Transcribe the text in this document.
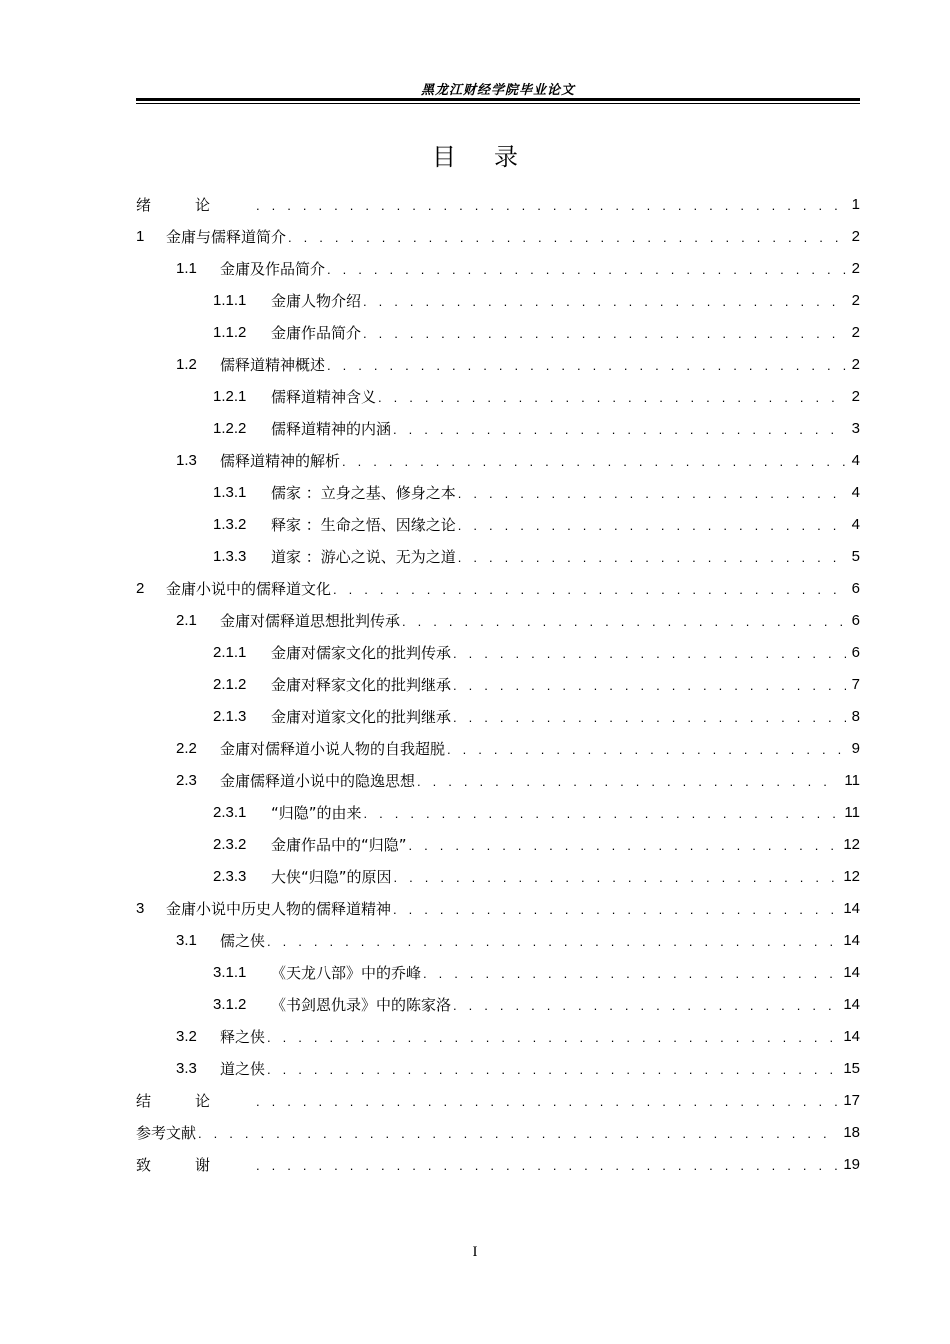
黑龙江财经学院毕业论文
目录
绪论 . . .	1
1	金庸与儒释道简介 . . .	2
1.1	金庸及作品简介 . . .	2
1.1.1	金庸人物介绍 . . .	2
1.1.2	金庸作品简介 . . .	2
1.2	儒释道精神概述 . . .	2
1.2.1	儒释道精神含义 . . .	2
1.2.2	儒释道精神的内涵 . . .	3
1.3	儒释道精神的解析 . . .	4
1.3.1	儒家 ：立身之基、修身之本 . . .	4
1.3.2	释家 ：生命之悟、因缘之论 . . .	4
1.3.3	道家 ：游心之说、无为之道 . . .	5
2	金庸小说中的儒释道文化 . . .	6
2.1	金庸对儒释道思想批判传承 . . .	6
2.1.1	金庸对儒家文化的批判传承 . . .	6
2.1.2	金庸对释家文化的批判继承 . . .	7
2.1.3	金庸对道家文化的批判继承 . . .	8
2.2	金庸对儒释道小说人物的自我超脱 . . .	9
2.3	金庸儒释道小说中的隐逸思想 . . .	11
2.3.1	“归隐”的由来 . . .	11
2.3.2	金庸作品中的“归隐” . . .	12
2.3.3	大侠“归隐”的原因 . . .	12
3	金庸小说中历史人物的儒释道精神 . . .	14
3.1	儒之侠 . . .	14
3.1.1	《天龙八部》中的乔峰 . . .	14
3.1.2	《书剑恩仇录》中的陈家洛 . . .	14
3.2	释之侠 . . .	14
3.3	道之侠 . . .	15
结论 . . .	17
参考文献 . . .	18
致谢 . . .	19
I
